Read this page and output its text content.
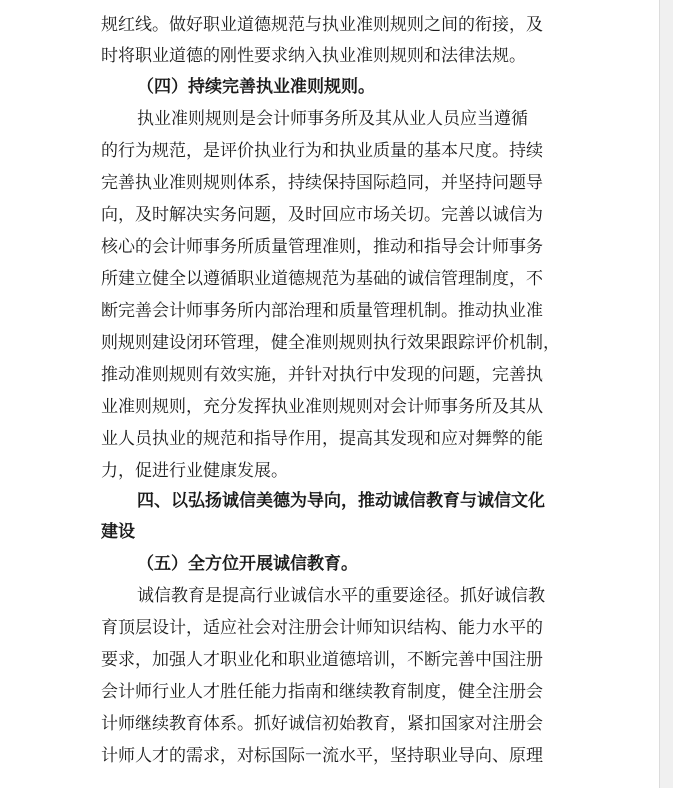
规红线。做好职业道德规范与执业准则规则之间的衔接，及
时将职业道德的刚性要求纳入执业准则规则和法律法规。
（四）持续完善执业准则规则。
执业准则规则是会计师事务所及其从业人员应当遵循
的行为规范，是评价执业行为和执业质量的基本尺度。持续
完善执业准则规则体系，持续保持国际趋同，并坚持问题导
向，及时解决实务问题，及时回应市场关切。完善以诚信为
核心的会计师事务所质量管理准则，推动和指导会计师事务
所建立健全以遵循职业道德规范为基础的诚信管理制度，不
断完善会计师事务所内部治理和质量管理机制。推动执业准
则规则建设闭环管理，健全准则规则执行效果跟踪评价机制，
推动准则规则有效实施，并针对执行中发现的问题，完善执
业准则规则，充分发挥执业准则规则对会计师事务所及其从
业人员执业的规范和指导作用，提高其发现和应对舞弊的能
力，促进行业健康发展。
四、以弘扬诚信美德为导向，推动诚信教育与诚信文化
建设
（五）全方位开展诚信教育。
诚信教育是提高行业诚信水平的重要途径。抓好诚信教
育顶层设计，适应社会对注册会计师知识结构、能力水平的
要求，加强人才职业化和职业道德培训，不断完善中国注册
会计师行业人才胜任能力指南和继续教育制度，健全注册会
计师继续教育体系。抓好诚信初始教育，紧扣国家对注册会
计师人才的需求，对标国际一流水平，坚持职业导向、原理
